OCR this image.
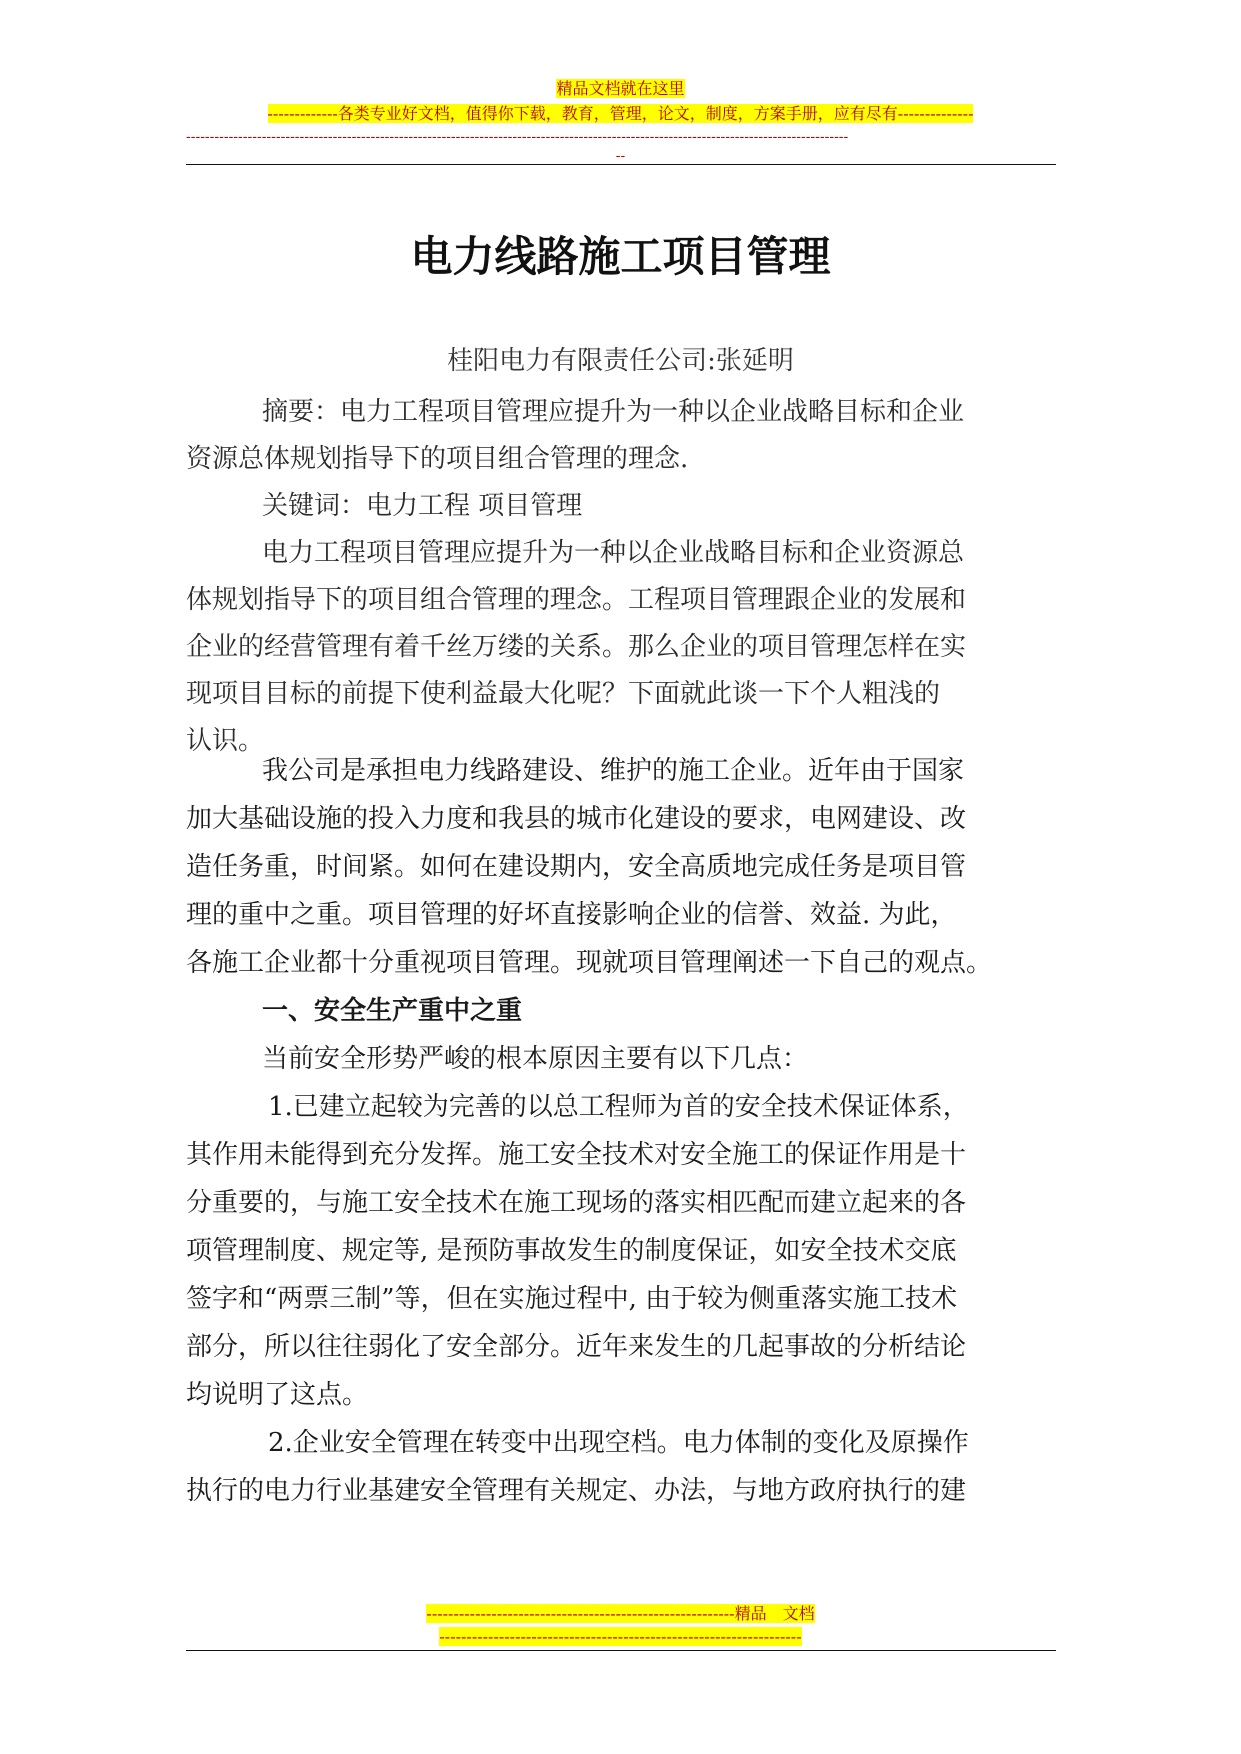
精品文档就在这里
-------------各类专业好文档，值得你下载，教育，管理，论文，制度，方案手册，应有尽有--------------
--------------------------------------------------------------------------------------------------------------------------------------------
--
电力线路施工项目管理
桂阳电力有限责任公司:张延明
摘要：电力工程项目管理应提升为一种以企业战略目标和企业
资源总体规划指导下的项目组合管理的理念.
关键词：电力工程 项目管理
电力工程项目管理应提升为一种以企业战略目标和企业资源总
体规划指导下的项目组合管理的理念。工程项目管理跟企业的发展和
企业的经营管理有着千丝万缕的关系。那么企业的项目管理怎样在实
现项目目标的前提下使利益最大化呢？下面就此谈一下个人粗浅的
认识。
我公司是承担电力线路建设、维护的施工企业。近年由于国家
加大基础设施的投入力度和我县的城市化建设的要求，电网建设、改
造任务重，时间紧。如何在建设期内，安全高质地完成任务是项目管
理的重中之重。项目管理的好坏直接影响企业的信誉、效益. 为此，
各施工企业都十分重视项目管理。现就项目管理阐述一下自己的观点。
一、安全生产重中之重
当前安全形势严峻的根本原因主要有以下几点：
1.已建立起较为完善的以总工程师为首的安全技术保证体系，
其作用未能得到充分发挥。施工安全技术对安全施工的保证作用是十
分重要的，与施工安全技术在施工现场的落实相匹配而建立起来的各
项管理制度、规定等, 是预防事故发生的制度保证，如安全技术交底
签字和“两票三制”等，但在实施过程中, 由于较为侧重落实施工技术
部分，所以往往弱化了安全部分。近年来发生的几起事故的分析结论
均说明了这点。
2.企业安全管理在转变中出现空档。电力体制的变化及原操作
执行的电力行业基建安全管理有关规定、办法，与地方政府执行的建
---------------------------------------------------------精品　文档
-------------------------------------------------------------------
